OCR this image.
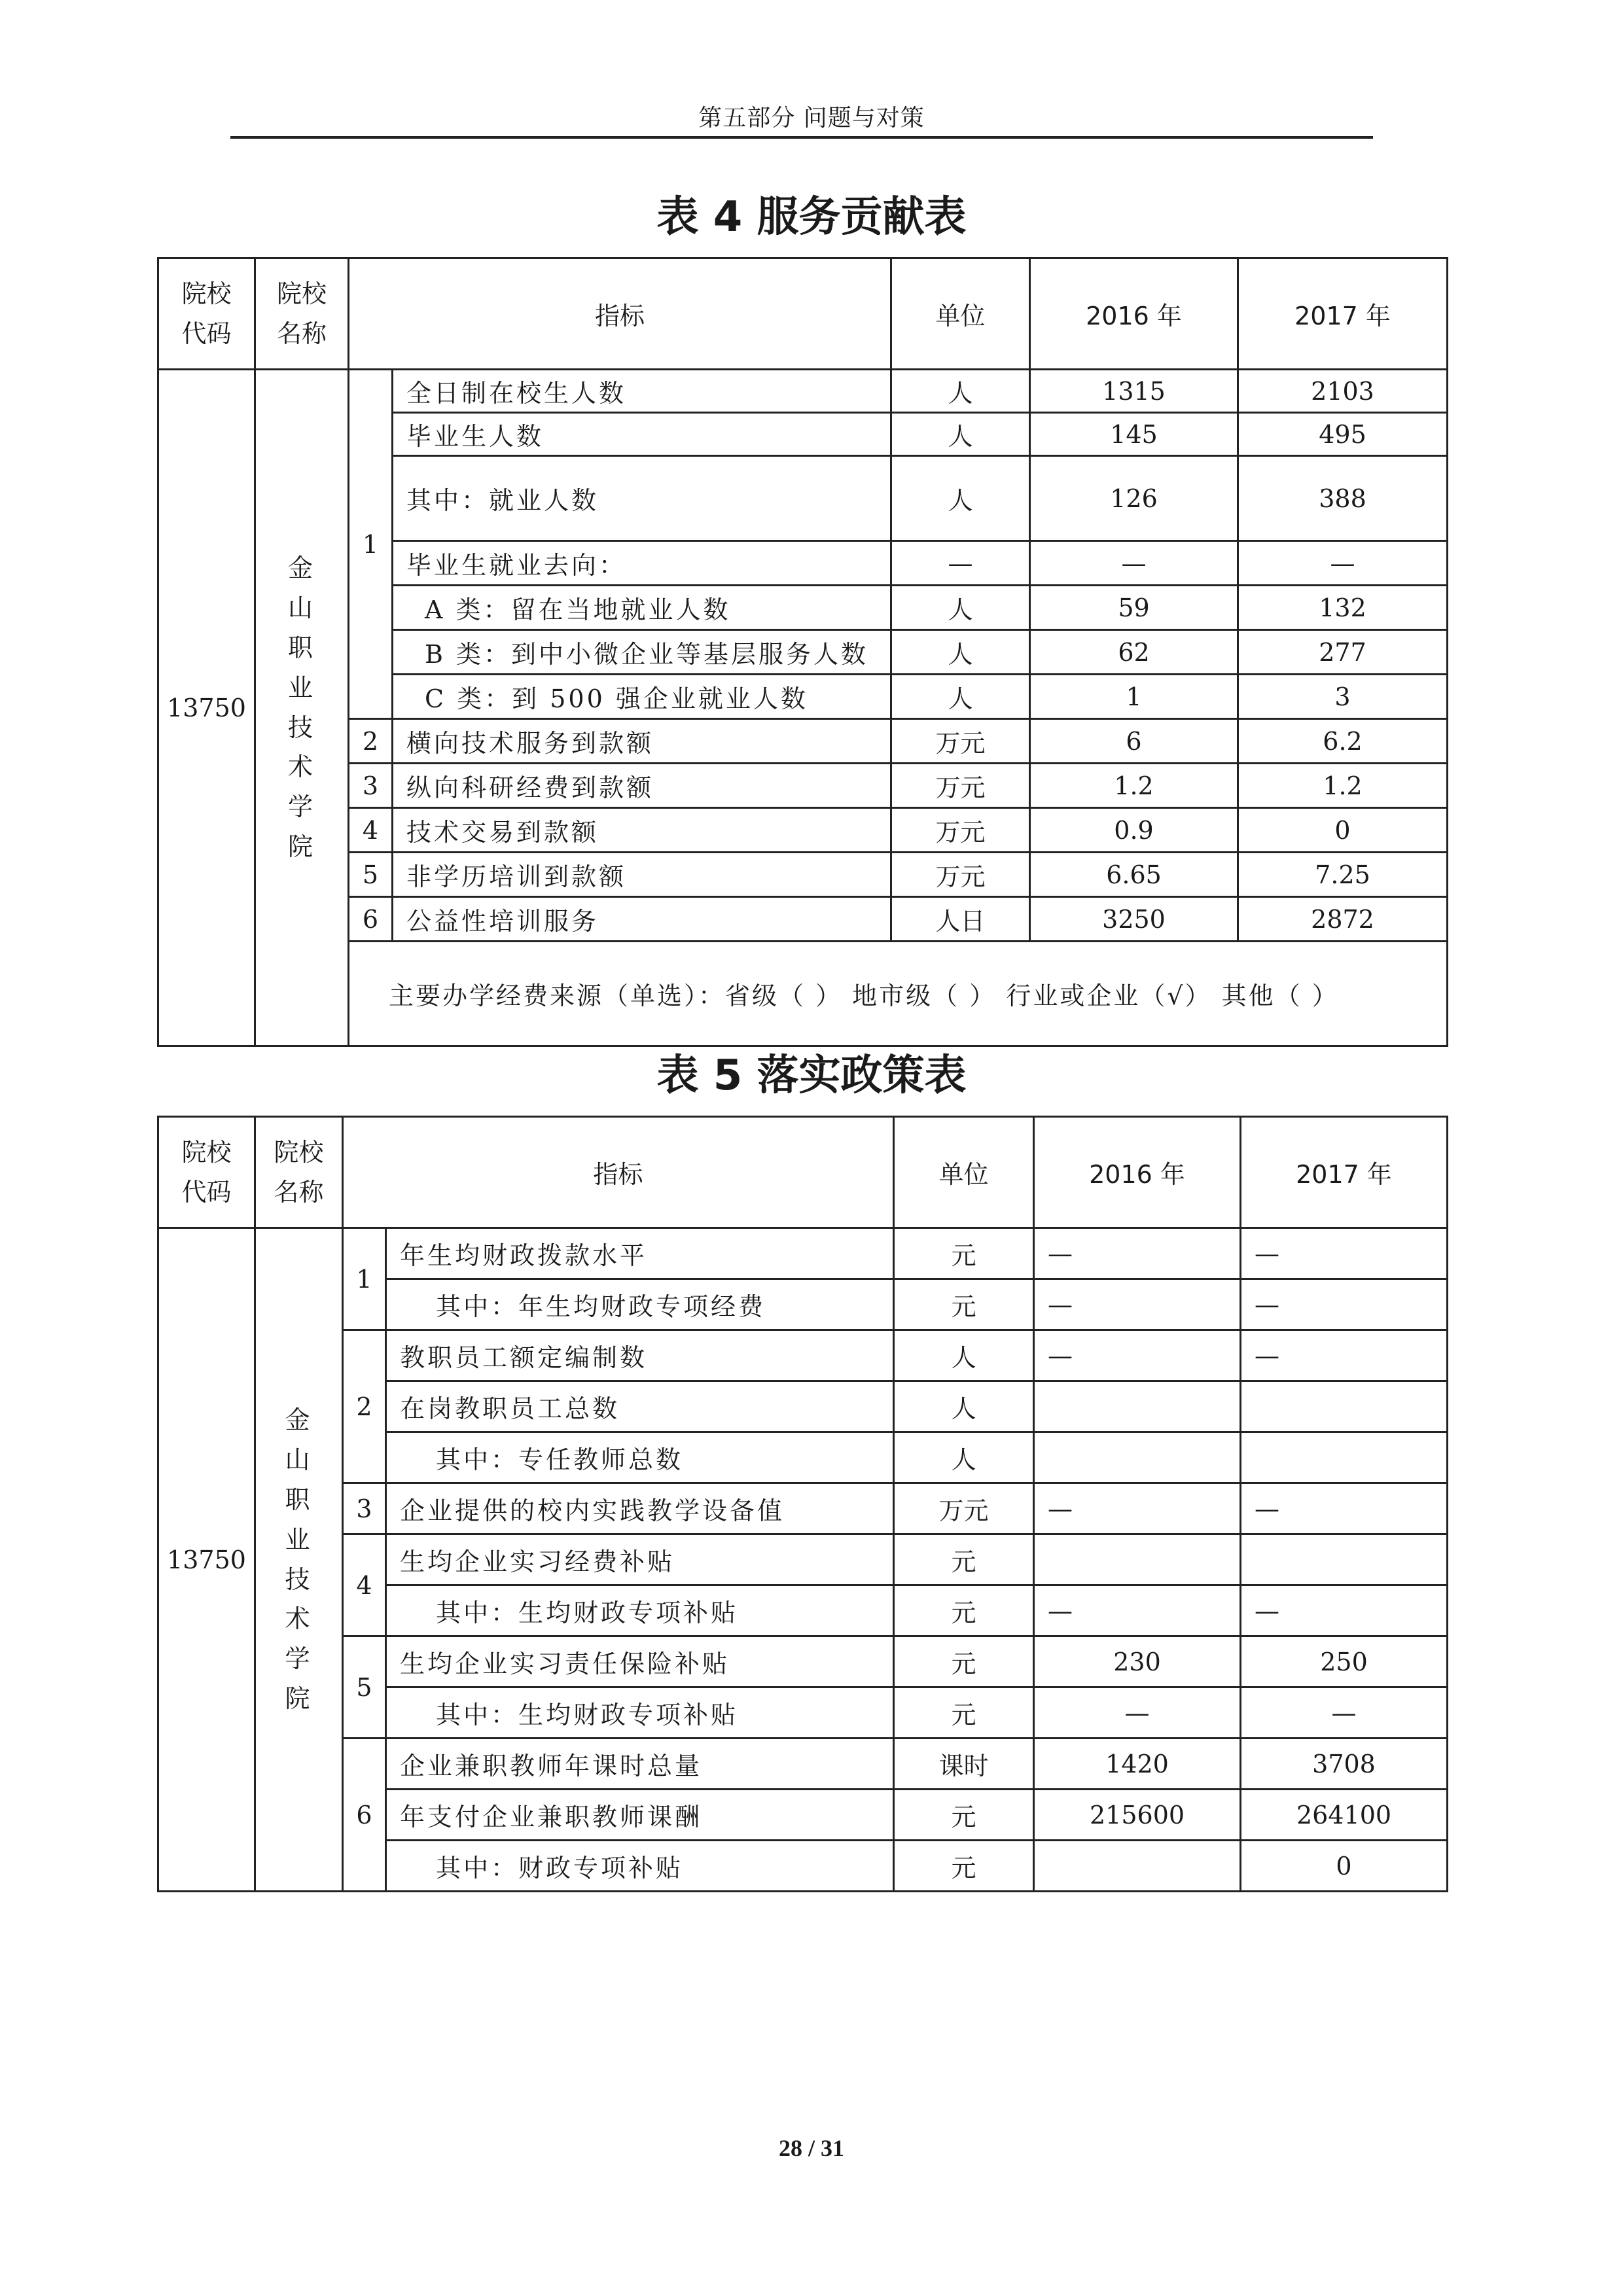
第五部分 问题与对策
表 4 服务贡献表
院校代码	院校名称	指标		单位	2016 年	2017 年
13750	金山职业技术学院	1	全日制在校生人数	人	1315	2103
			毕业生人数	人	145	495
			其中：就业人数	人	126	388
			毕业生就业去向：	—	—	—
			A 类：留在当地就业人数	人	59	132
			B 类：到中小微企业等基层服务人数	人	62	277
			C 类：到 500 强企业就业人数	人	1	3
		2	横向技术服务到款额	万元	6	6.2
		3	纵向科研经费到款额	万元	1.2	1.2
		4	技术交易到款额	万元	0.9	0
		5	非学历培训到款额	万元	6.65	7.25
		6	公益性培训服务	人日	3250	2872
		主要办学经费来源（单选）：省级（ ） 地市级（ ） 行业或企业（√） 其他（ ）				
表 5 落实政策表
院校代码	院校名称	指标		单位	2016 年	2017 年
13750	金山职业技术学院	1	年生均财政拨款水平	元	—	—
			其中：年生均财政专项经费	元	—	—
		2	教职员工额定编制数	人	—	—
			在岗教职员工总数	人		
			其中：专任教师总数	人		
		3	企业提供的校内实践教学设备值	万元	—	—
		4	生均企业实习经费补贴	元		
			其中：生均财政专项补贴	元	—	—
		5	生均企业实习责任保险补贴	元	230	250
			其中：生均财政专项补贴	元	—	—
		6	企业兼职教师年课时总量	课时	1420	3708
			年支付企业兼职教师课酬	元	215600	264100
			其中：财政专项补贴	元		0
28 / 31
